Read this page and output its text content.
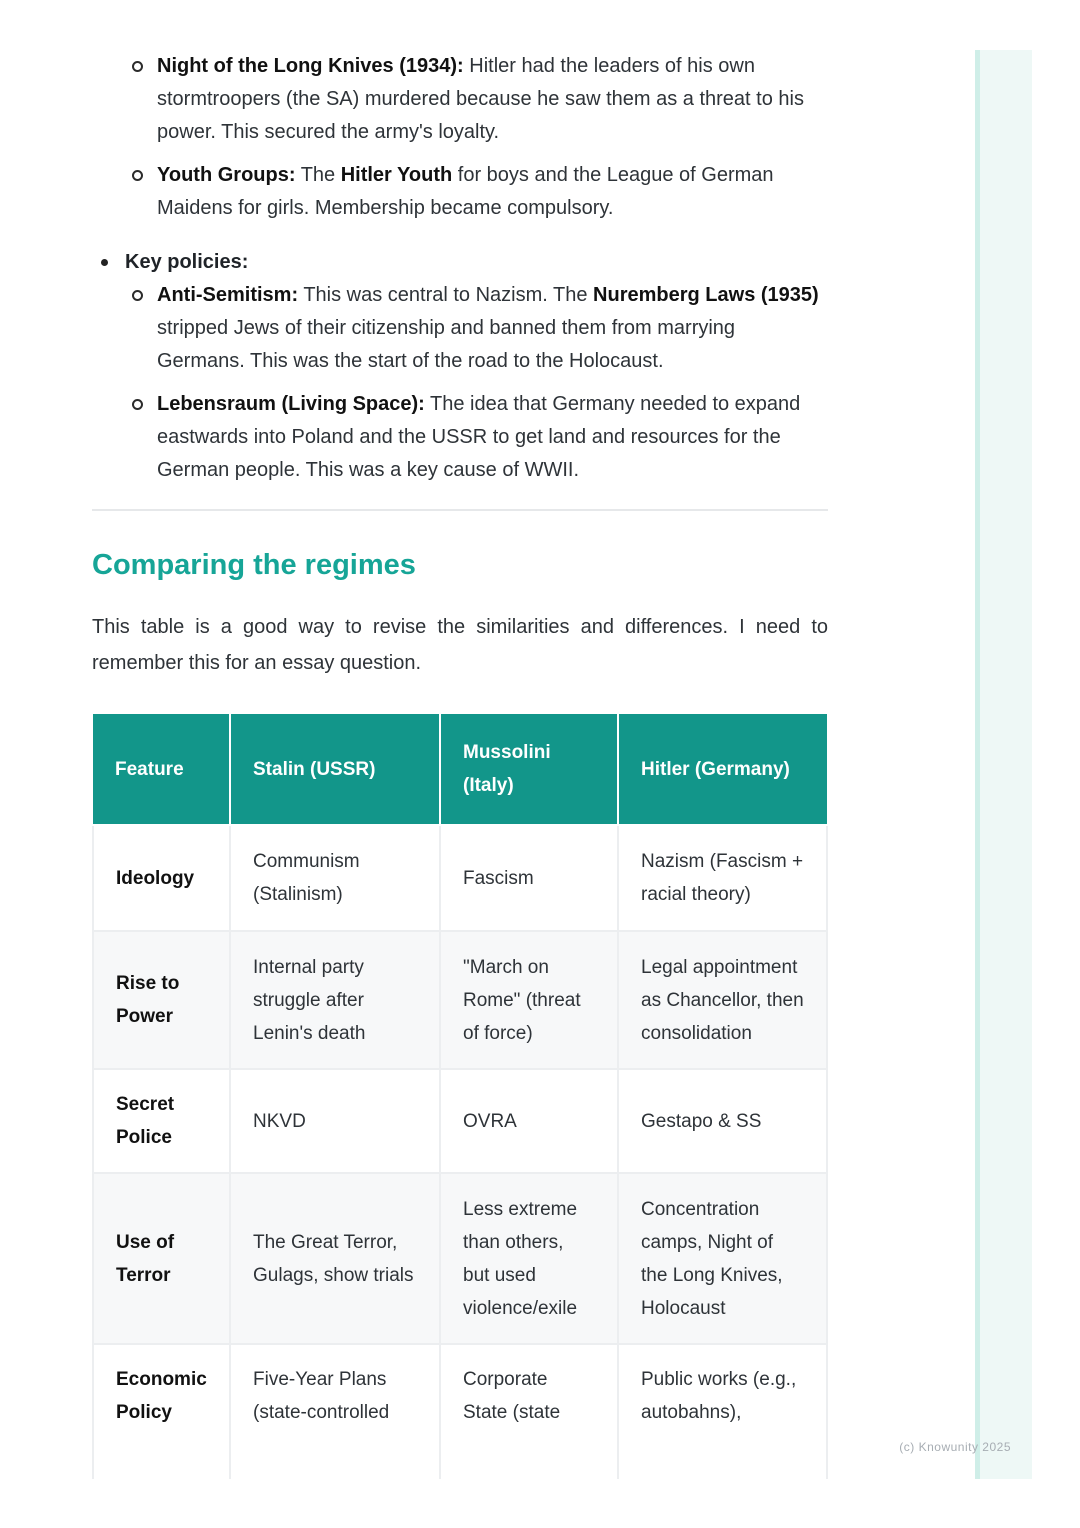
Night of the Long Knives (1934): Hitler had the leaders of his own stormtroopers (the SA) murdered because he saw them as a threat to his power. This secured the army's loyalty.
Youth Groups: The Hitler Youth for boys and the League of German Maidens for girls. Membership became compulsory.
Key policies:
Anti-Semitism: This was central to Nazism. The Nuremberg Laws (1935) stripped Jews of their citizenship and banned them from marrying Germans. This was the start of the road to the Holocaust.
Lebensraum (Living Space): The idea that Germany needed to expand eastwards into Poland and the USSR to get land and resources for the German people. This was a key cause of WWII.
Comparing the regimes

This table is a good way to revise the similarities and differences. I need to remember this for an essay question.

Feature	Stalin (USSR)	Mussolini (Italy)	Hitler (Germany)
Ideology	Communism (Stalinism)	Fascism	Nazism (Fascism + racial theory)
Rise to Power	Internal party struggle after Lenin's death	"March on Rome" (threat of force)	Legal appointment as Chancellor, then consolidation
Secret Police	NKVD	OVRA	Gestapo & SS
Use of Terror	The Great Terror, Gulags, show trials	Less extreme than others, but used violence/exile	Concentration camps, Night of the Long Knives, Holocaust
Economic Policy	Five-Year Plans (state-controlled	Corporate State (state	Public works (e.g., autobahns),
(c) Knowunity 2025
